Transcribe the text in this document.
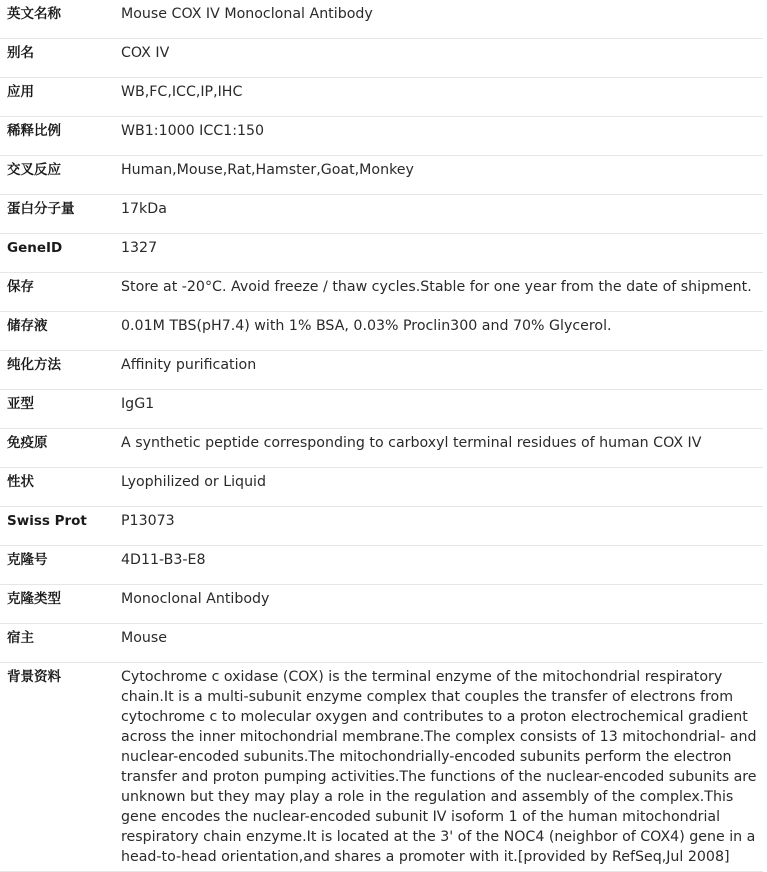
英文名称	Mouse COX IV Monoclonal Antibody
别名	COX IV
应用	WB,FC,ICC,IP,IHC
稀释比例	WB1:1000 ICC1:150
交叉反应	Human,Mouse,Rat,Hamster,Goat,Monkey
蛋白分子量	17kDa
GeneID	1327
保存	Store at -20°C. Avoid freeze / thaw cycles.Stable for one year from the date of shipment.
储存液	0.01M TBS(pH7.4) with 1% BSA, 0.03% Proclin300 and 70% Glycerol.
纯化方法	Affinity purification
亚型	IgG1
免疫原	A synthetic peptide corresponding to carboxyl terminal residues of human COX IV
性状	Lyophilized or Liquid
Swiss Prot	P13073
克隆号	4D11-B3-E8
克隆类型	Monoclonal Antibody
宿主	Mouse
背景资料	Cytochrome c oxidase (COX) is the terminal enzyme of the mitochondrial respiratory chain.It is a multi-subunit enzyme complex that couples the transfer of electrons from cytochrome c to molecular oxygen and contributes to a proton electrochemical gradient across the inner mitochondrial membrane.The complex consists of 13 mitochondrial- and nuclear-encoded subunits.The mitochondrially-encoded subunits perform the electron transfer and proton pumping activities.The functions of the nuclear-encoded subunits are unknown but they may play a role in the regulation and assembly of the complex.This gene encodes the nuclear-encoded subunit IV isoform 1 of the human mitochondrial respiratory chain enzyme.It is located at the 3' of the NOC4 (neighbor of COX4) gene in a head-to-head orientation,and shares a promoter with it.[provided by RefSeq,Jul 2008]
